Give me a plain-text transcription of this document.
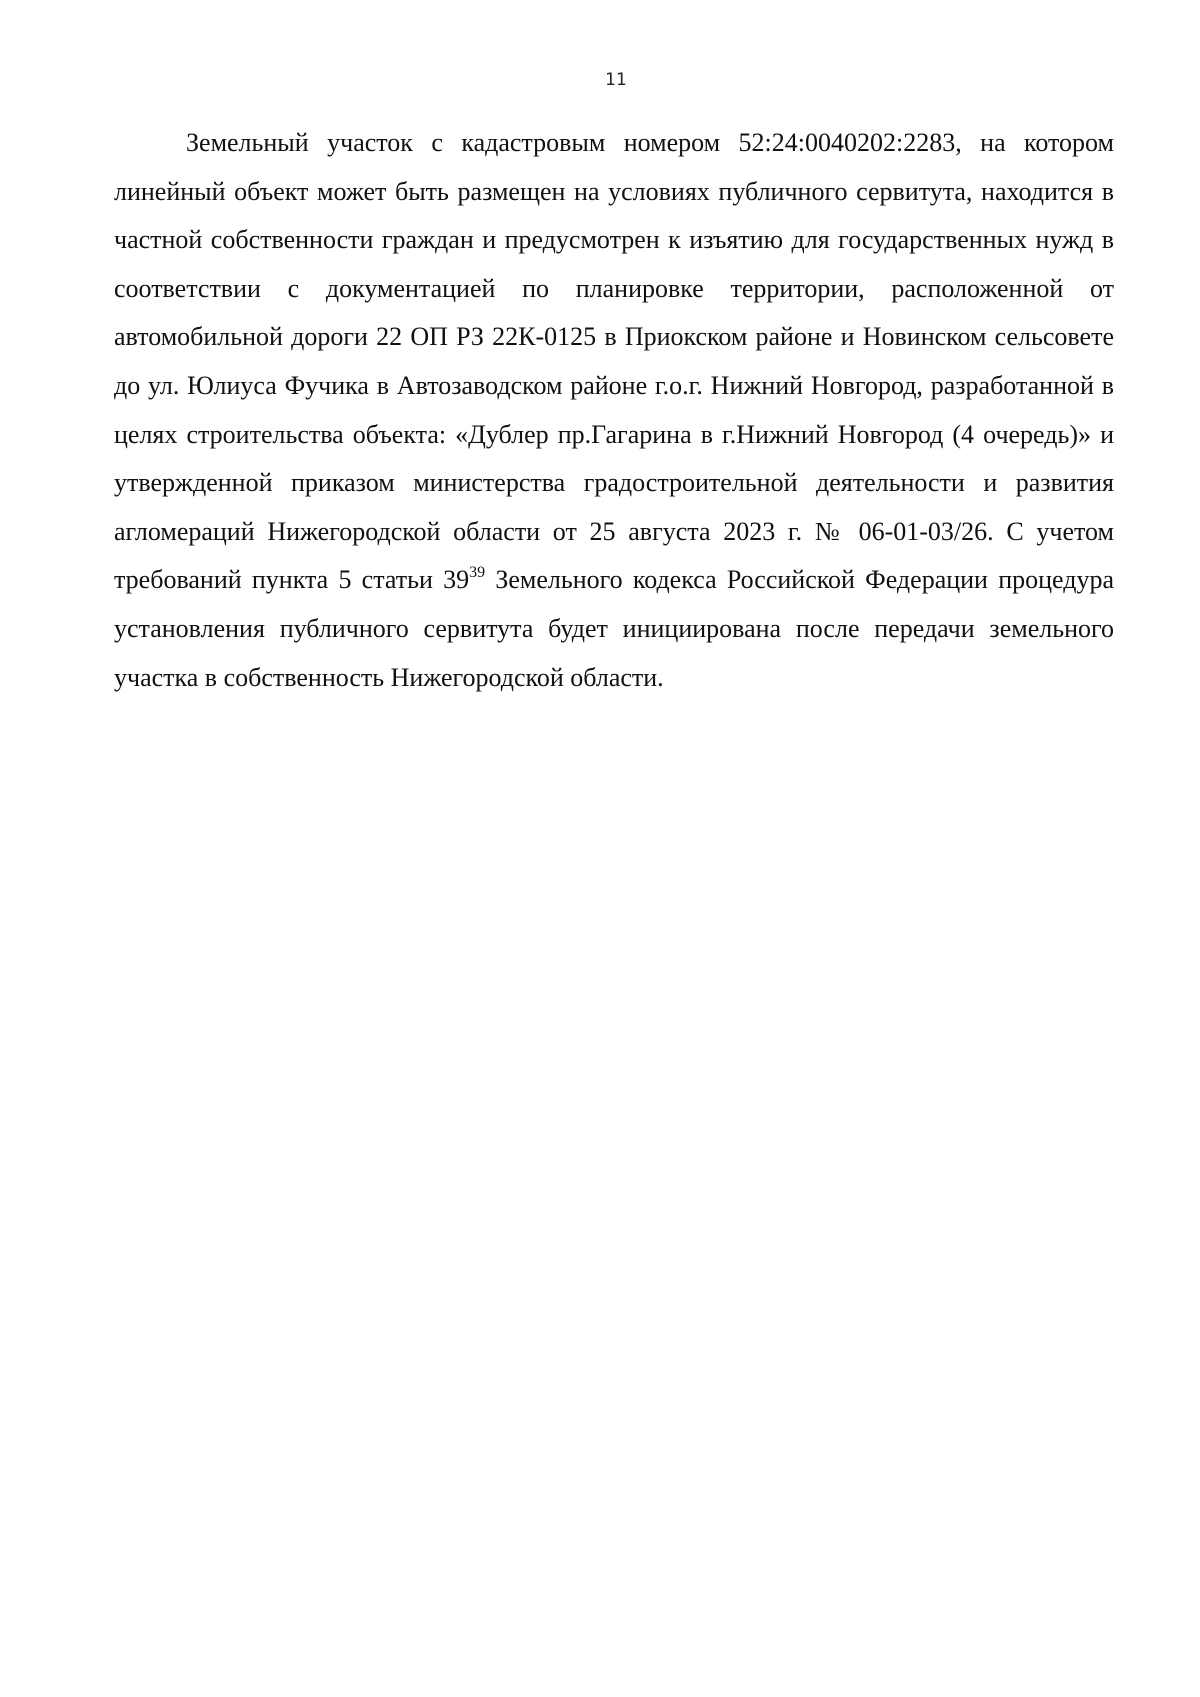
11

Земельный участок с кадастровым номером 52:24:0040202:2283, на котором линейный объект может быть размещен на условиях публичного сервитута, находится в частной собственности граждан и предусмотрен к изъятию для государственных нужд в соответствии с документацией по планировке территории, расположенной от автомобильной дороги 22 ОП РЗ 22К-0125 в Приокском районе и Новинском сельсовете до ул. Юлиуса Фучика в Автозаводском районе г.о.г. Нижний Новгород, разработанной в целях строительства объекта: «Дублер пр.Гагарина в г.Нижний Новгород (4 очередь)» и утвержденной приказом министерства градостроительной деятельности и развития агломераций Нижегородской области от 25 августа 2023 г. № 06-01-03/26. С учетом требований пункта 5 статьи $39^{39}$ Земельного кодекса Российской Федерации процедура установления публичного сервитута будет инициирована после передачи земельного участка в собственность Нижегородской области.
